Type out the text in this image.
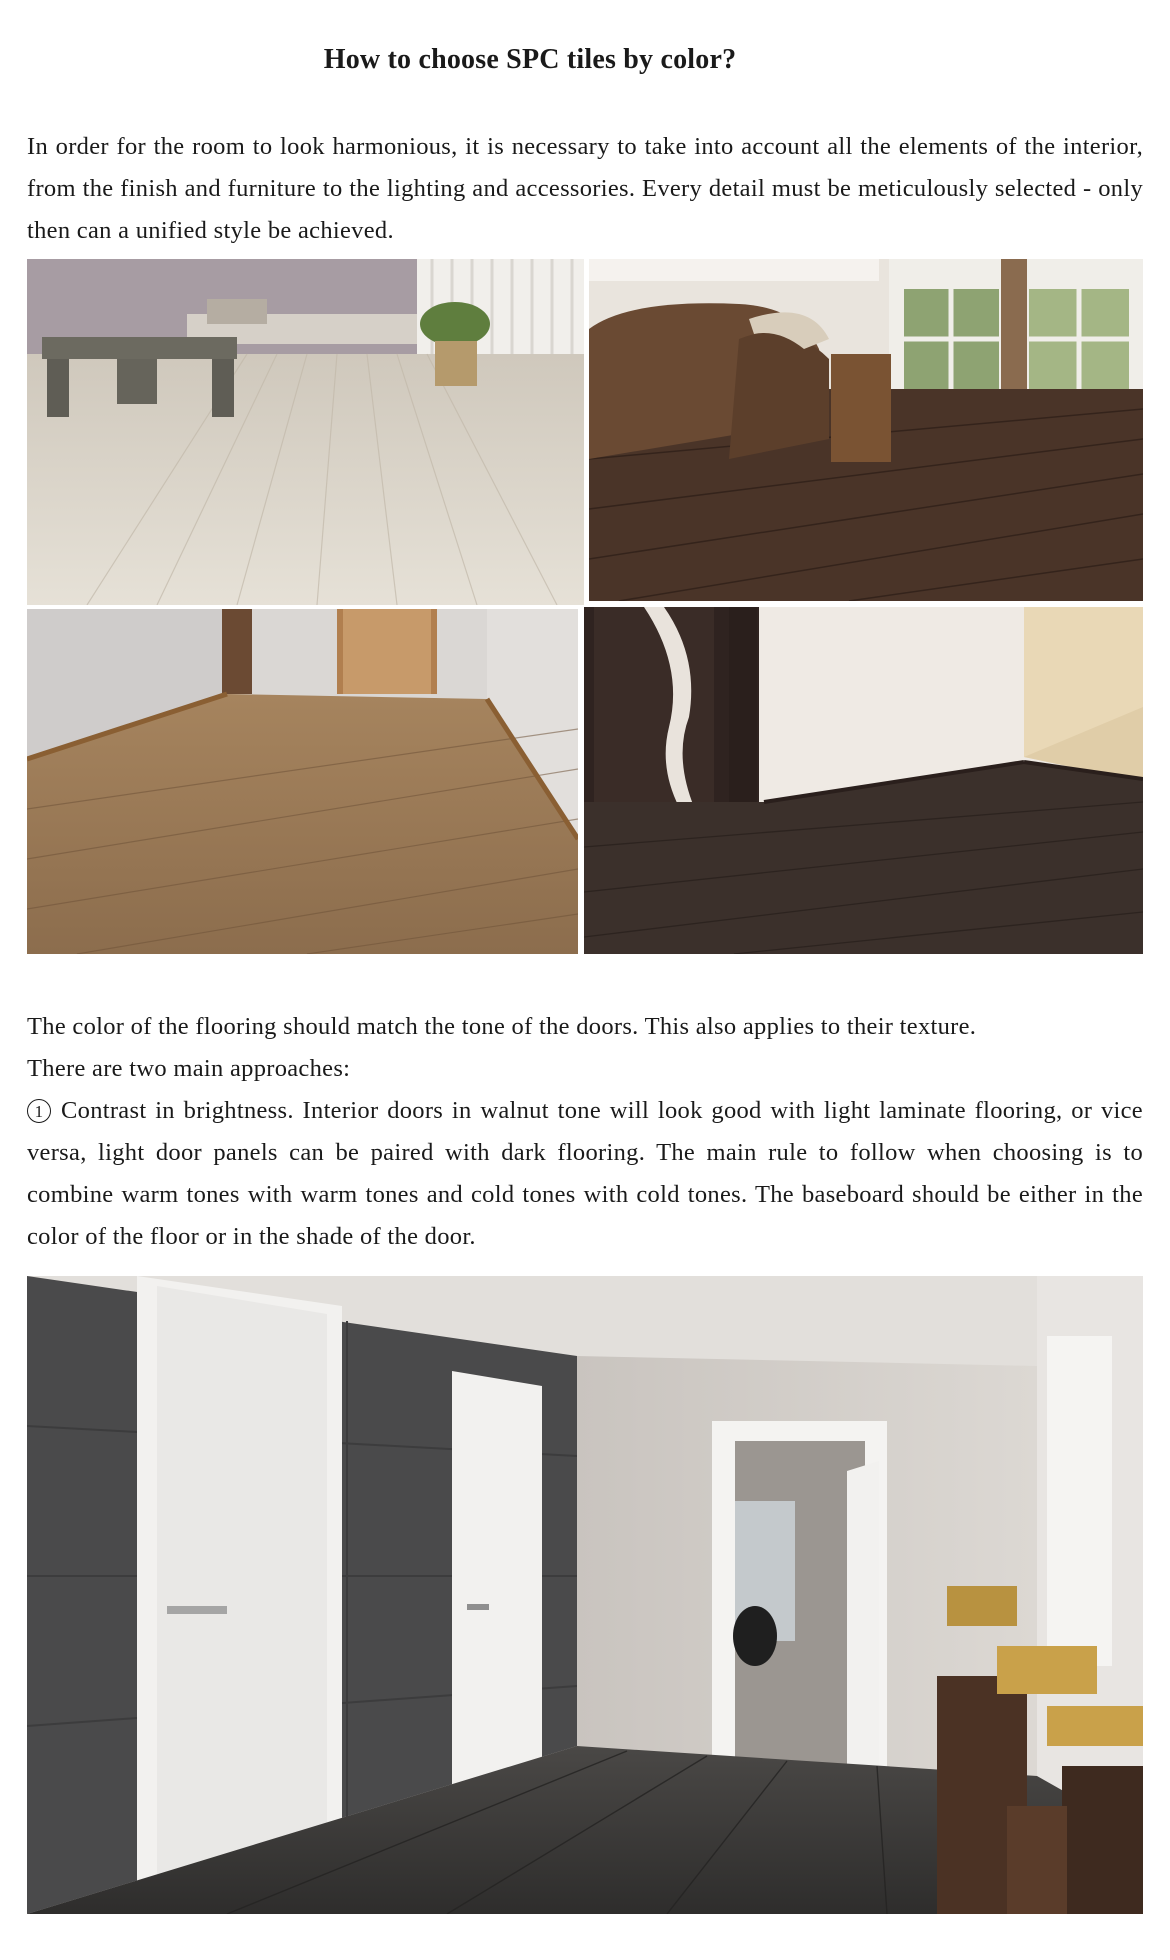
How to choose SPC tiles by color?
In order for the room to look harmonious, it is necessary to take into account all the elements of the interior, from the finish and furniture to the lighting and accessories. Every detail must be meticulously selected - only then can a unified style be achieved.
The color of the flooring should match the tone of the doors. This also applies to their texture.
There are two main approaches:
1 Contrast in brightness. Interior doors in walnut tone will look good with light laminate flooring, or vice versa, light door panels can be paired with dark flooring. The main rule to follow when choosing is to combine warm tones with warm tones and cold tones with cold tones. The baseboard should be either in the color of the floor or in the shade of the door.
